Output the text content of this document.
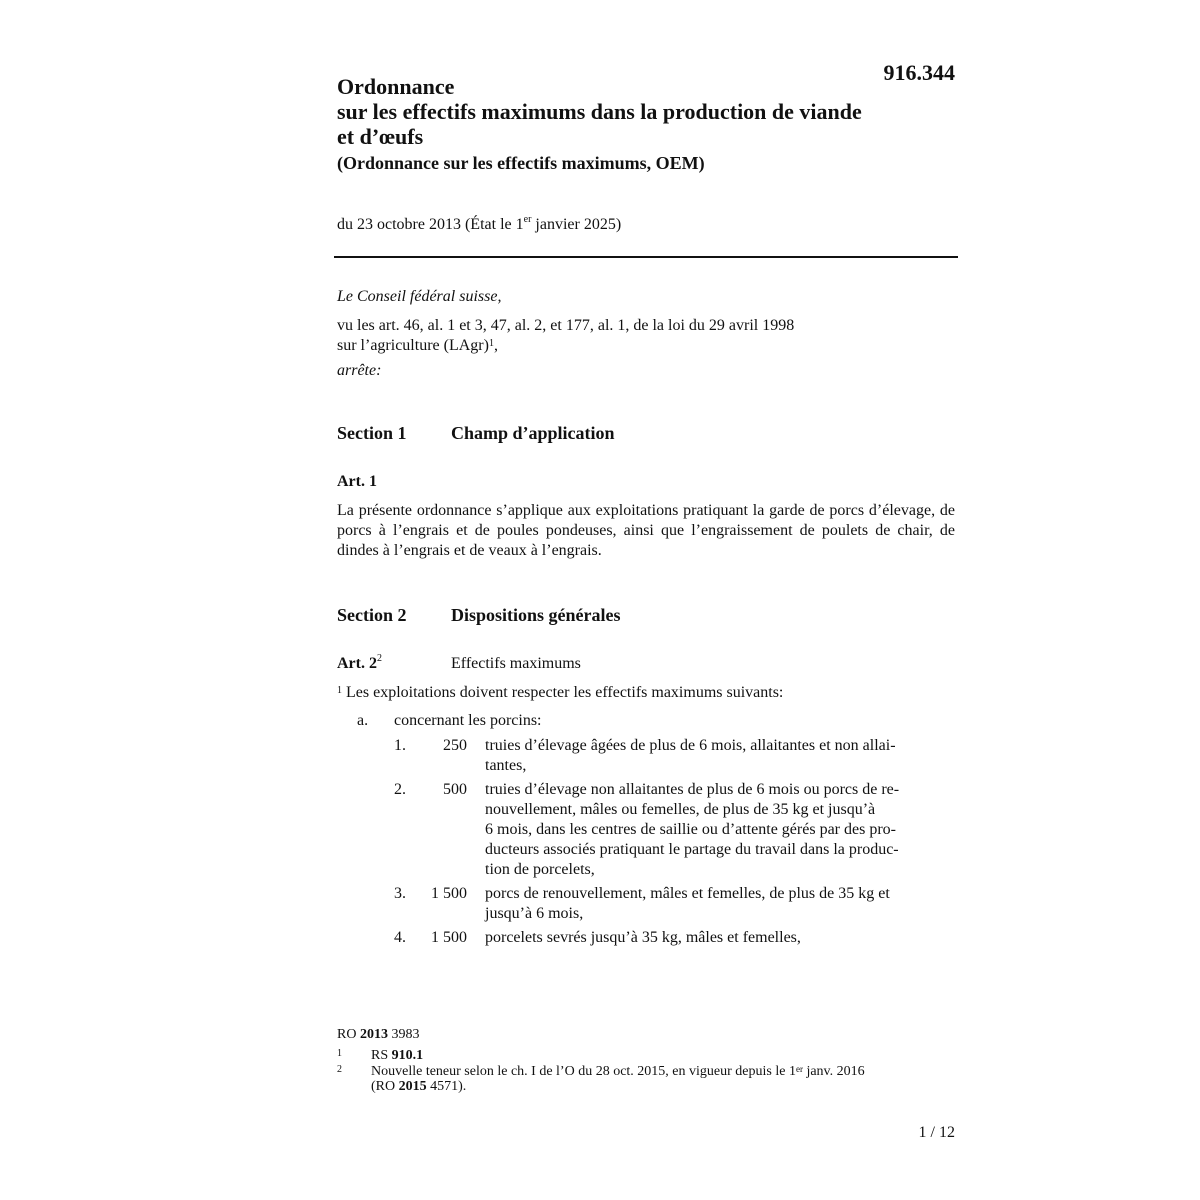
916.344
Ordonnance
sur les effectifs maximums dans la production de viande
et d’œufs
(Ordonnance sur les effectifs maximums, OEM)
du 23 octobre 2013 (État le 1er janvier 2025)
Le Conseil fédéral suisse,
vu les art. 46, al. 1 et 3, 47, al. 2, et 177, al. 1, de la loi du 29 avril 1998
sur l’agriculture (LAgr)$^1$,
arrête:
Section 1 Champ d’application
Art. 1
La présente ordonnance s’applique aux exploitations pratiquant la garde de porcs d’élevage, de porcs à l’engrais et de poules pondeuses, ainsi que l’engraissement de poulets de chair, de dindes à l’engrais et de veaux à l’engrais.
Section 2 Dispositions générales
Art. $2^2$	Effectifs maximums
$^1$ Les exploitations doivent respecter les effectifs maximums suivants:
a. concernant les porcins:
1.	250 truies d’élevage âgées de plus de 6 mois, allaitantes et non allai-
tantes,
2.	500 truies d’élevage non allaitantes de plus de 6 mois ou porcs de re-
nouvellement, mâles ou femelles, de plus de 35 kg et jusqu’à
6 mois, dans les centres de saillie ou d’attente gérés par des pro-
ducteurs associés pratiquant le partage du travail dans la produc-
tion de porcelets,
3.	1 500 porcs de renouvellement, mâles et femelles, de plus de 35 kg et
jusqu’à 6 mois,
4.	1 500 porcelets sevrés jusqu’à 35 kg, mâles et femelles,
RO 2013 3983
1 RS 910.1
2 Nouvelle teneur selon le ch. I de l’O du 28 oct. 2015, en vigueur depuis le 1er janv. 2016
(RO 2015 4571).
1 / 12
